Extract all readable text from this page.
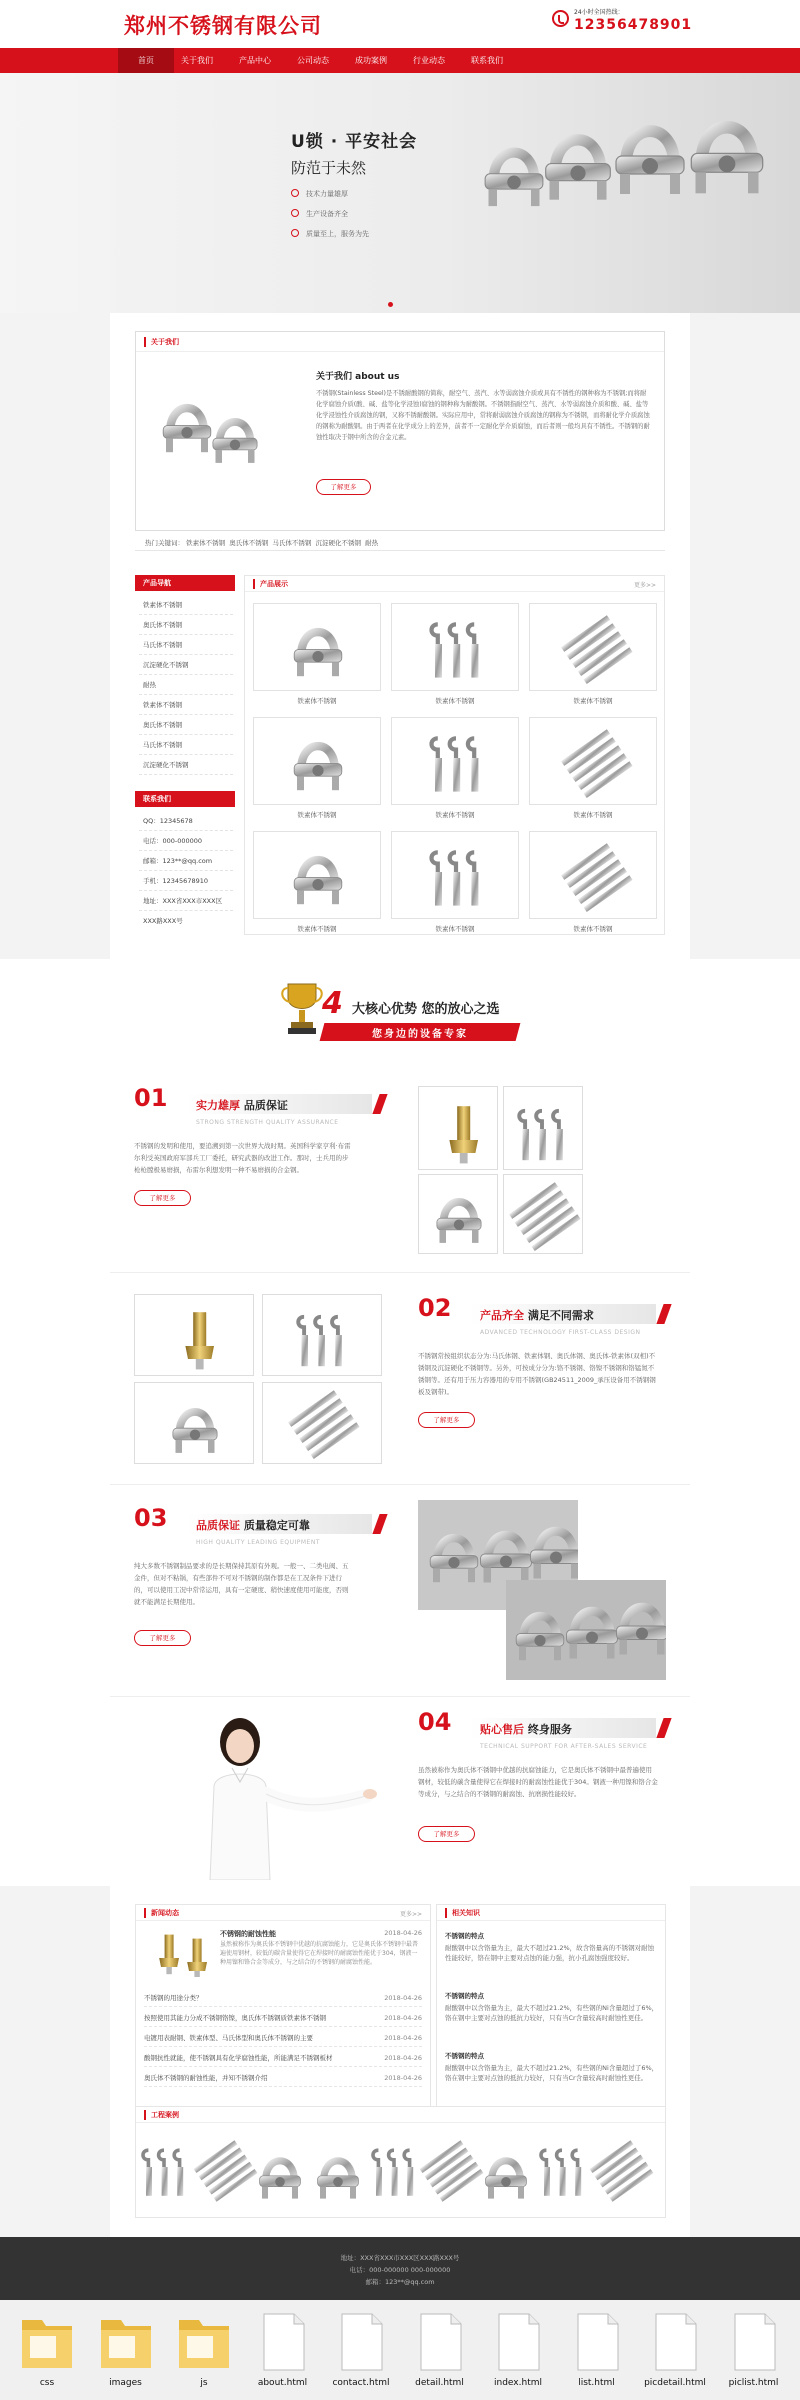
郑州不锈钢有限公司
24小时全国热线：
12356478901
首页	关于我们	产品中心	公司动态	成功案例	行业动态	联系我们
U锁 · 平安社会
防范于未然
技术力量雄厚
生产设备齐全
质量至上，服务为先
关于我们
关于我们 about us
不锈钢(Stainless Steel)是不锈耐酸钢的简称，耐空气、蒸汽、水等弱腐蚀介质或具有不锈性的钢种称为不锈钢;而将耐化学腐蚀介质(酸、碱、盐等化学浸蚀)腐蚀的钢种称为耐酸钢。不锈钢指耐空气、蒸汽、水等弱腐蚀介质和酸、碱、盐等化学浸蚀性介质腐蚀的钢，又称不锈耐酸钢。实际应用中，常将耐弱腐蚀介质腐蚀的钢称为不锈钢，而将耐化学介质腐蚀的钢称为耐酸钢。由于两者在化学成分上的差异，前者不一定耐化学介质腐蚀，而后者则一般均具有不锈性。不锈钢的耐蚀性取决于钢中所含的合金元素。
了解更多
热门关键词： 铁素体不锈钢 奥氏体不锈钢 马氏体不锈钢 沉淀硬化不锈钢 耐热
产品导航
铁素体不锈钢
奥氏体不锈钢
马氏体不锈钢
沉淀硬化不锈钢
耐热
铁素体不锈钢
奥氏体不锈钢
马氏体不锈钢
沉淀硬化不锈钢
联系我们
QQ：12345678
电话：000-000000
邮箱：123**@qq.com
手机：12345678910
地址：XXX省XXX市XXX区
XXX路XXX号
产品展示	更多>>
铁素体不锈钢	铁素体不锈钢	铁素体不锈钢
铁素体不锈钢	铁素体不锈钢	铁素体不锈钢
铁素体不锈钢	铁素体不锈钢	铁素体不锈钢
4 大核心优势 您的放心之选
您身边的设备专家
01	实力雄厚 品质保证
STRONG STRENGTH QUALITY ASSURANCE
不锈钢的发明和使用，要追溯到第一次世界大战时期。英国科学家亨利·布雷尔利受英国政府军部兵工厂委托，研究武器的改进工作。那时，士兵用的步枪枪膛极易磨损，布雷尔利想发明一种不易磨损的合金钢。
了解更多
02	产品齐全 满足不同需求
ADVANCED TECHNOLOGY FIRST-CLASS DESIGN
不锈钢常按组织状态分为:马氏体钢、铁素体钢、奥氏体钢、奥氏体-铁素体(双相)不锈钢及沉淀硬化不锈钢等。另外，可按成分分为:铬不锈钢、铬镍不锈钢和铬锰氮不锈钢等。还有用于压力容器用的专用不锈钢(GB24511_2009_承压设备用不锈钢钢板及钢带)。
了解更多
03	品质保证 质量稳定可靠
HIGH QUALITY LEADING EQUIPMENT
纯大多数不锈钢制品要求的是长期保持其原有外观。一般一、二类电阀、五金件，但对不粘锅，有些部件不可对不锈钢的制作都是在工况条件下进行的，可以使用工况中常常运用，具有一定硬度、稍快速度使用可能度，否则就不能满足长期使用。
了解更多
04	贴心售后 终身服务
TECHNICAL SUPPORT FOR AFTER-SALES SERVICE
虽然被称作为奥氏体不锈钢中优越的抗腐蚀能力，它是奥氏体不锈钢中最普遍使用钢材，较低的碳含量使得它在焊接时的耐腐蚀性能优于304。钢液一种用镍和铬合金等成分，与之结合的不锈钢的耐腐蚀、抗磨损性能较好。
了解更多
新闻动态	更多>>
不锈钢的耐蚀性能	2018-04-26
虽然被称作为奥氏体不锈钢中优越的抗腐蚀能力，它是奥氏体不锈钢中最普遍使用钢材，较低的碳含量使得它在焊接时的耐腐蚀性能优于304，钢液一种用镍和铬合金等成分，与之结合的不锈钢的耐腐蚀性能。
不锈钢的用途分类？	2018-04-26
按照使用其能力分成不锈钢铬镍，奥氏体不锈钢质铁素体不锈钢	2018-04-26
电镀用表耐钢、铁素体型、马氏体型和奥氏体不锈钢的主要	2018-04-26
酸钢抗性就能，使不锈钢具有化学腐蚀性能，所能满足不锈钢板材	2018-04-26
奥氏体不锈钢的耐蚀性能，并知不锈钢介绍	2018-04-26
相关知识
不锈钢的特点
耐酸钢中以含铬量为主，最大不超过21.2%，故含铬量高的不锈钢对耐蚀性能较好，铬在钢中主要对点蚀的能力强，抗小孔腐蚀强度较好。
不锈钢的特点
耐酸钢中以含铬量为主，最大不超过21.2%，有些钢的Ni含量超过了6%，铬在钢中主要对点蚀的抵抗力较好，只有当Cr含量较高时耐蚀性更佳。
不锈钢的特点
耐酸钢中以含铬量为主，最大不超过21.2%，有些钢的Ni含量超过了6%，铬在钢中主要对点蚀的抵抗力较好，只有当Cr含量较高时耐蚀性更佳。
工程案例
地址：XXX省XXX市XXX区XXX路XXX号
电话：000-000000 000-000000
邮箱：123**@qq.com
css	images	js	about.html	contact.html	detail.html	index.html	list.html	picdetail.html	piclist.html
